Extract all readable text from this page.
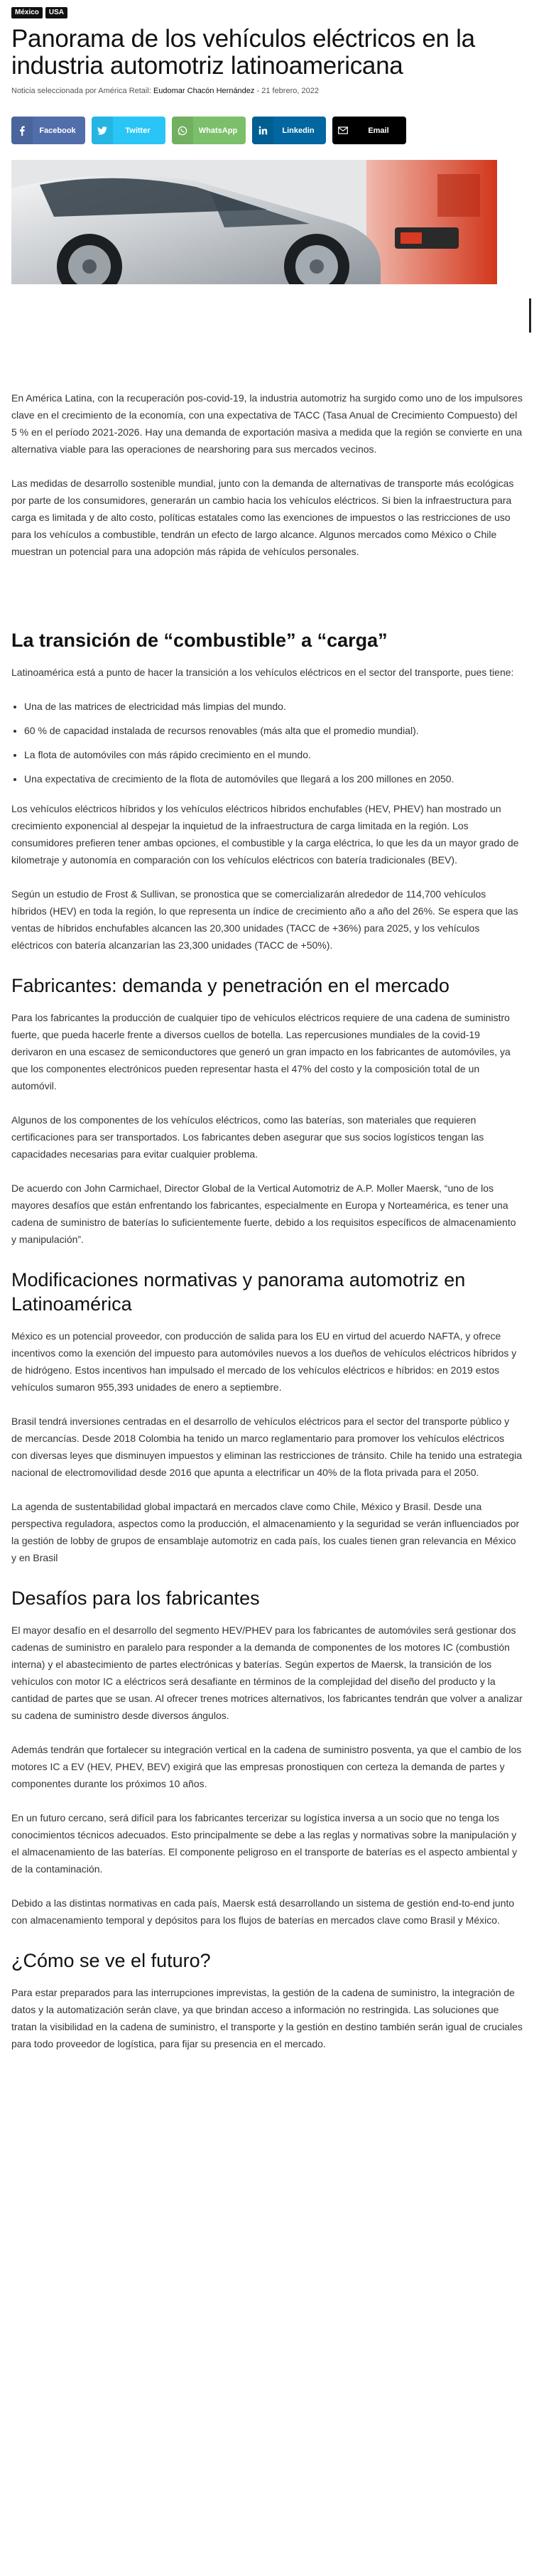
México	USA
Panorama de los vehículos eléctricos en la industria automotriz latinoamericana
Noticia seleccionada por América Retail: Eudomar Chacón Hernández - 21 febrero, 2022
Facebook	Twitter	WhatsApp	Linkedin	Email

En América Latina, con la recuperación pos-covid-19, la industria automotriz ha surgido como uno de los impulsores clave en el crecimiento de la economía, con una expectativa de TACC (Tasa Anual de Crecimiento Compuesto) del 5 % en el período 2021-2026. Hay una demanda de exportación masiva a medida que la región se convierte en una alternativa viable para las operaciones de nearshoring para sus mercados vecinos.

Las medidas de desarrollo sostenible mundial, junto con la demanda de alternativas de transporte más ecológicas por parte de los consumidores, generarán un cambio hacia los vehículos eléctricos. Si bien la infraestructura para carga es limitada y de alto costo, políticas estatales como las exenciones de impuestos o las restricciones de uso para los vehículos a combustible, tendrán un efecto de largo alcance. Algunos mercados como México o Chile muestran un potencial para una adopción más rápida de vehículos personales.

La transición de “combustible” a “carga”

Latinoamérica está a punto de hacer la transición a los vehículos eléctricos en el sector del transporte, pues tiene:

• Una de las matrices de electricidad más limpias del mundo.
• 60 % de capacidad instalada de recursos renovables (más alta que el promedio mundial).
• La flota de automóviles con más rápido crecimiento en el mundo.
• Una expectativa de crecimiento de la flota de automóviles que llegará a los 200 millones en 2050.

Los vehículos eléctricos híbridos y los vehículos eléctricos híbridos enchufables (HEV, PHEV) han mostrado un crecimiento exponencial al despejar la inquietud de la infraestructura de carga limitada en la región. Los consumidores prefieren tener ambas opciones, el combustible y la carga eléctrica, lo que les da un mayor grado de kilometraje y autonomía en comparación con los vehículos eléctricos con batería tradicionales (BEV).

Según un estudio de Frost & Sullivan, se pronostica que se comercializarán alrededor de 114,700 vehículos híbridos (HEV) en toda la región, lo que representa un índice de crecimiento año a año del 26%. Se espera que las ventas de híbridos enchufables alcancen las 20,300 unidades (TACC de +36%) para 2025, y los vehículos eléctricos con batería alcanzarían las 23,300 unidades (TACC de +50%).

Fabricantes: demanda y penetración en el mercado

Para los fabricantes la producción de cualquier tipo de vehículos eléctricos requiere de una cadena de suministro fuerte, que pueda hacerle frente a diversos cuellos de botella. Las repercusiones mundiales de la covid-19 derivaron en una escasez de semiconductores que generó un gran impacto en los fabricantes de automóviles, ya que los componentes electrónicos pueden representar hasta el 47% del costo y la composición total de un automóvil.

Algunos de los componentes de los vehículos eléctricos, como las baterías, son materiales que requieren certificaciones para ser transportados. Los fabricantes deben asegurar que sus socios logísticos tengan las capacidades necesarias para evitar cualquier problema.

De acuerdo con John Carmichael, Director Global de la Vertical Automotriz de A.P. Moller Maersk, “uno de los mayores desafíos que están enfrentando los fabricantes, especialmente en Europa y Norteamérica, es tener una cadena de suministro de baterías lo suficientemente fuerte, debido a los requisitos específicos de almacenamiento y manipulación”.

Modificaciones normativas y panorama automotriz en Latinoamérica

México es un potencial proveedor, con producción de salida para los EU en virtud del acuerdo NAFTA, y ofrece incentivos como la exención del impuesto para automóviles nuevos a los dueños de vehículos eléctricos híbridos y de hidrógeno. Estos incentivos han impulsado el mercado de los vehículos eléctricos e híbridos: en 2019 estos vehículos sumaron 955,393 unidades de enero a septiembre.

Brasil tendrá inversiones centradas en el desarrollo de vehículos eléctricos para el sector del transporte público y de mercancías. Desde 2018 Colombia ha tenido un marco reglamentario para promover los vehículos eléctricos con diversas leyes que disminuyen impuestos y eliminan las restricciones de tránsito. Chile ha tenido una estrategia nacional de electromovilidad desde 2016 que apunta a electrificar un 40% de la flota privada para el 2050.

La agenda de sustentabilidad global impactará en mercados clave como Chile, México y Brasil. Desde una perspectiva reguladora, aspectos como la producción, el almacenamiento y la seguridad se verán influenciados por la gestión de lobby de grupos de ensamblaje automotriz en cada país, los cuales tienen gran relevancia en México y en Brasil

Desafíos para los fabricantes

El mayor desafío en el desarrollo del segmento HEV/PHEV para los fabricantes de automóviles será gestionar dos cadenas de suministro en paralelo para responder a la demanda de componentes de los motores IC (combustión interna) y el abastecimiento de partes electrónicas y baterías. Según expertos de Maersk, la transición de los vehículos con motor IC a eléctricos será desafiante en términos de la complejidad del diseño del producto y la cantidad de partes que se usan. Al ofrecer trenes motrices alternativos, los fabricantes tendrán que volver a analizar su cadena de suministro desde diversos ángulos.

Además tendrán que fortalecer su integración vertical en la cadena de suministro posventa, ya que el cambio de los motores IC a EV (HEV, PHEV, BEV) exigirá que las empresas pronostiquen con certeza la demanda de partes y componentes durante los próximos 10 años.

En un futuro cercano, será difícil para los fabricantes tercerizar su logística inversa a un socio que no tenga los conocimientos técnicos adecuados. Esto principalmente se debe a las reglas y normativas sobre la manipulación y el almacenamiento de las baterías. El componente peligroso en el transporte de baterías es el aspecto ambiental y de la contaminación.

Debido a las distintas normativas en cada país, Maersk está desarrollando un sistema de gestión end-to-end junto con almacenamiento temporal y depósitos para los flujos de baterías en mercados clave como Brasil y México.

¿Cómo se ve el futuro?

Para estar preparados para las interrupciones imprevistas, la gestión de la cadena de suministro, la integración de datos y la automatización serán clave, ya que brindan acceso a información no restringida. Las soluciones que tratan la visibilidad en la cadena de suministro, el transporte y la gestión en destino también serán igual de cruciales para todo proveedor de logística, para fijar su presencia en el mercado.
